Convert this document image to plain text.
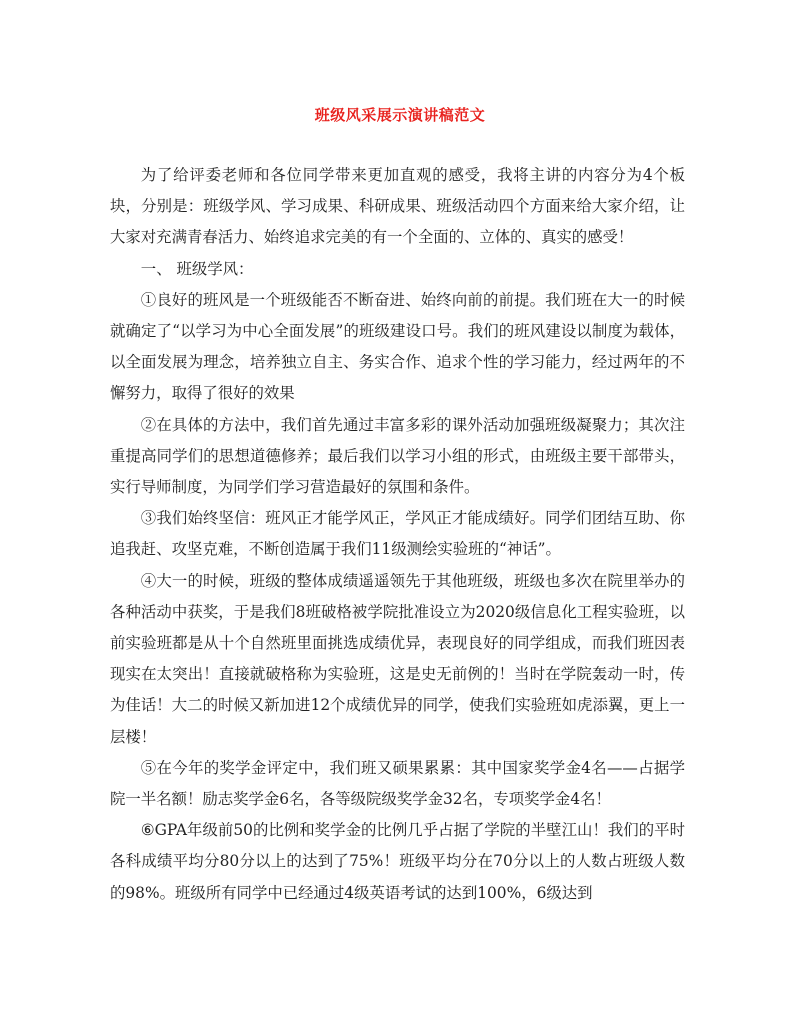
班级风采展示演讲稿范文

为了给评委老师和各位同学带来更加直观的感受，我将主讲的内容分为4个板块，分别是：班级学风、学习成果、科研成果、班级活动四个方面来给大家介绍，让大家对充满青春活力、始终追求完美的有一个全面的、立体的、真实的感受！

一、 班级学风：

①良好的班风是一个班级能否不断奋进、始终向前的前提。我们班在大一的时候就确定了“以学习为中心全面发展”的班级建设口号。我们的班风建设以制度为载体，以全面发展为理念，培养独立自主、务实合作、追求个性的学习能力，经过两年的不懈努力，取得了很好的效果

②在具体的方法中，我们首先通过丰富多彩的课外活动加强班级凝聚力；其次注重提高同学们的思想道德修养；最后我们以学习小组的形式，由班级主要干部带头，实行导师制度，为同学们学习营造最好的氛围和条件。

③我们始终坚信：班风正才能学风正，学风正才能成绩好。同学们团结互助、你追我赶、攻坚克难，不断创造属于我们11级测绘实验班的“神话”。

④大一的时候，班级的整体成绩遥遥领先于其他班级，班级也多次在院里举办的各种活动中获奖，于是我们8班破格被学院批准设立为2020级信息化工程实验班，以前实验班都是从十个自然班里面挑选成绩优异，表现良好的同学组成，而我们班因表现实在太突出！直接就破格称为实验班，这是史无前例的！当时在学院轰动一时，传为佳话！大二的时候又新加进12个成绩优异的同学，使我们实验班如虎添翼，更上一层楼！

⑤在今年的奖学金评定中，我们班又硕果累累：其中国家奖学金4名——占据学院一半名额！励志奖学金6名，各等级院级奖学金32名，专项奖学金4名！

⑥GPA年级前50的比例和奖学金的比例几乎占据了学院的半壁江山！我们的平时各科成绩平均分80分以上的达到了75%！班级平均分在70分以上的人数占班级人数的98%。班级所有同学中已经通过4级英语考试的达到100%，6级达到
